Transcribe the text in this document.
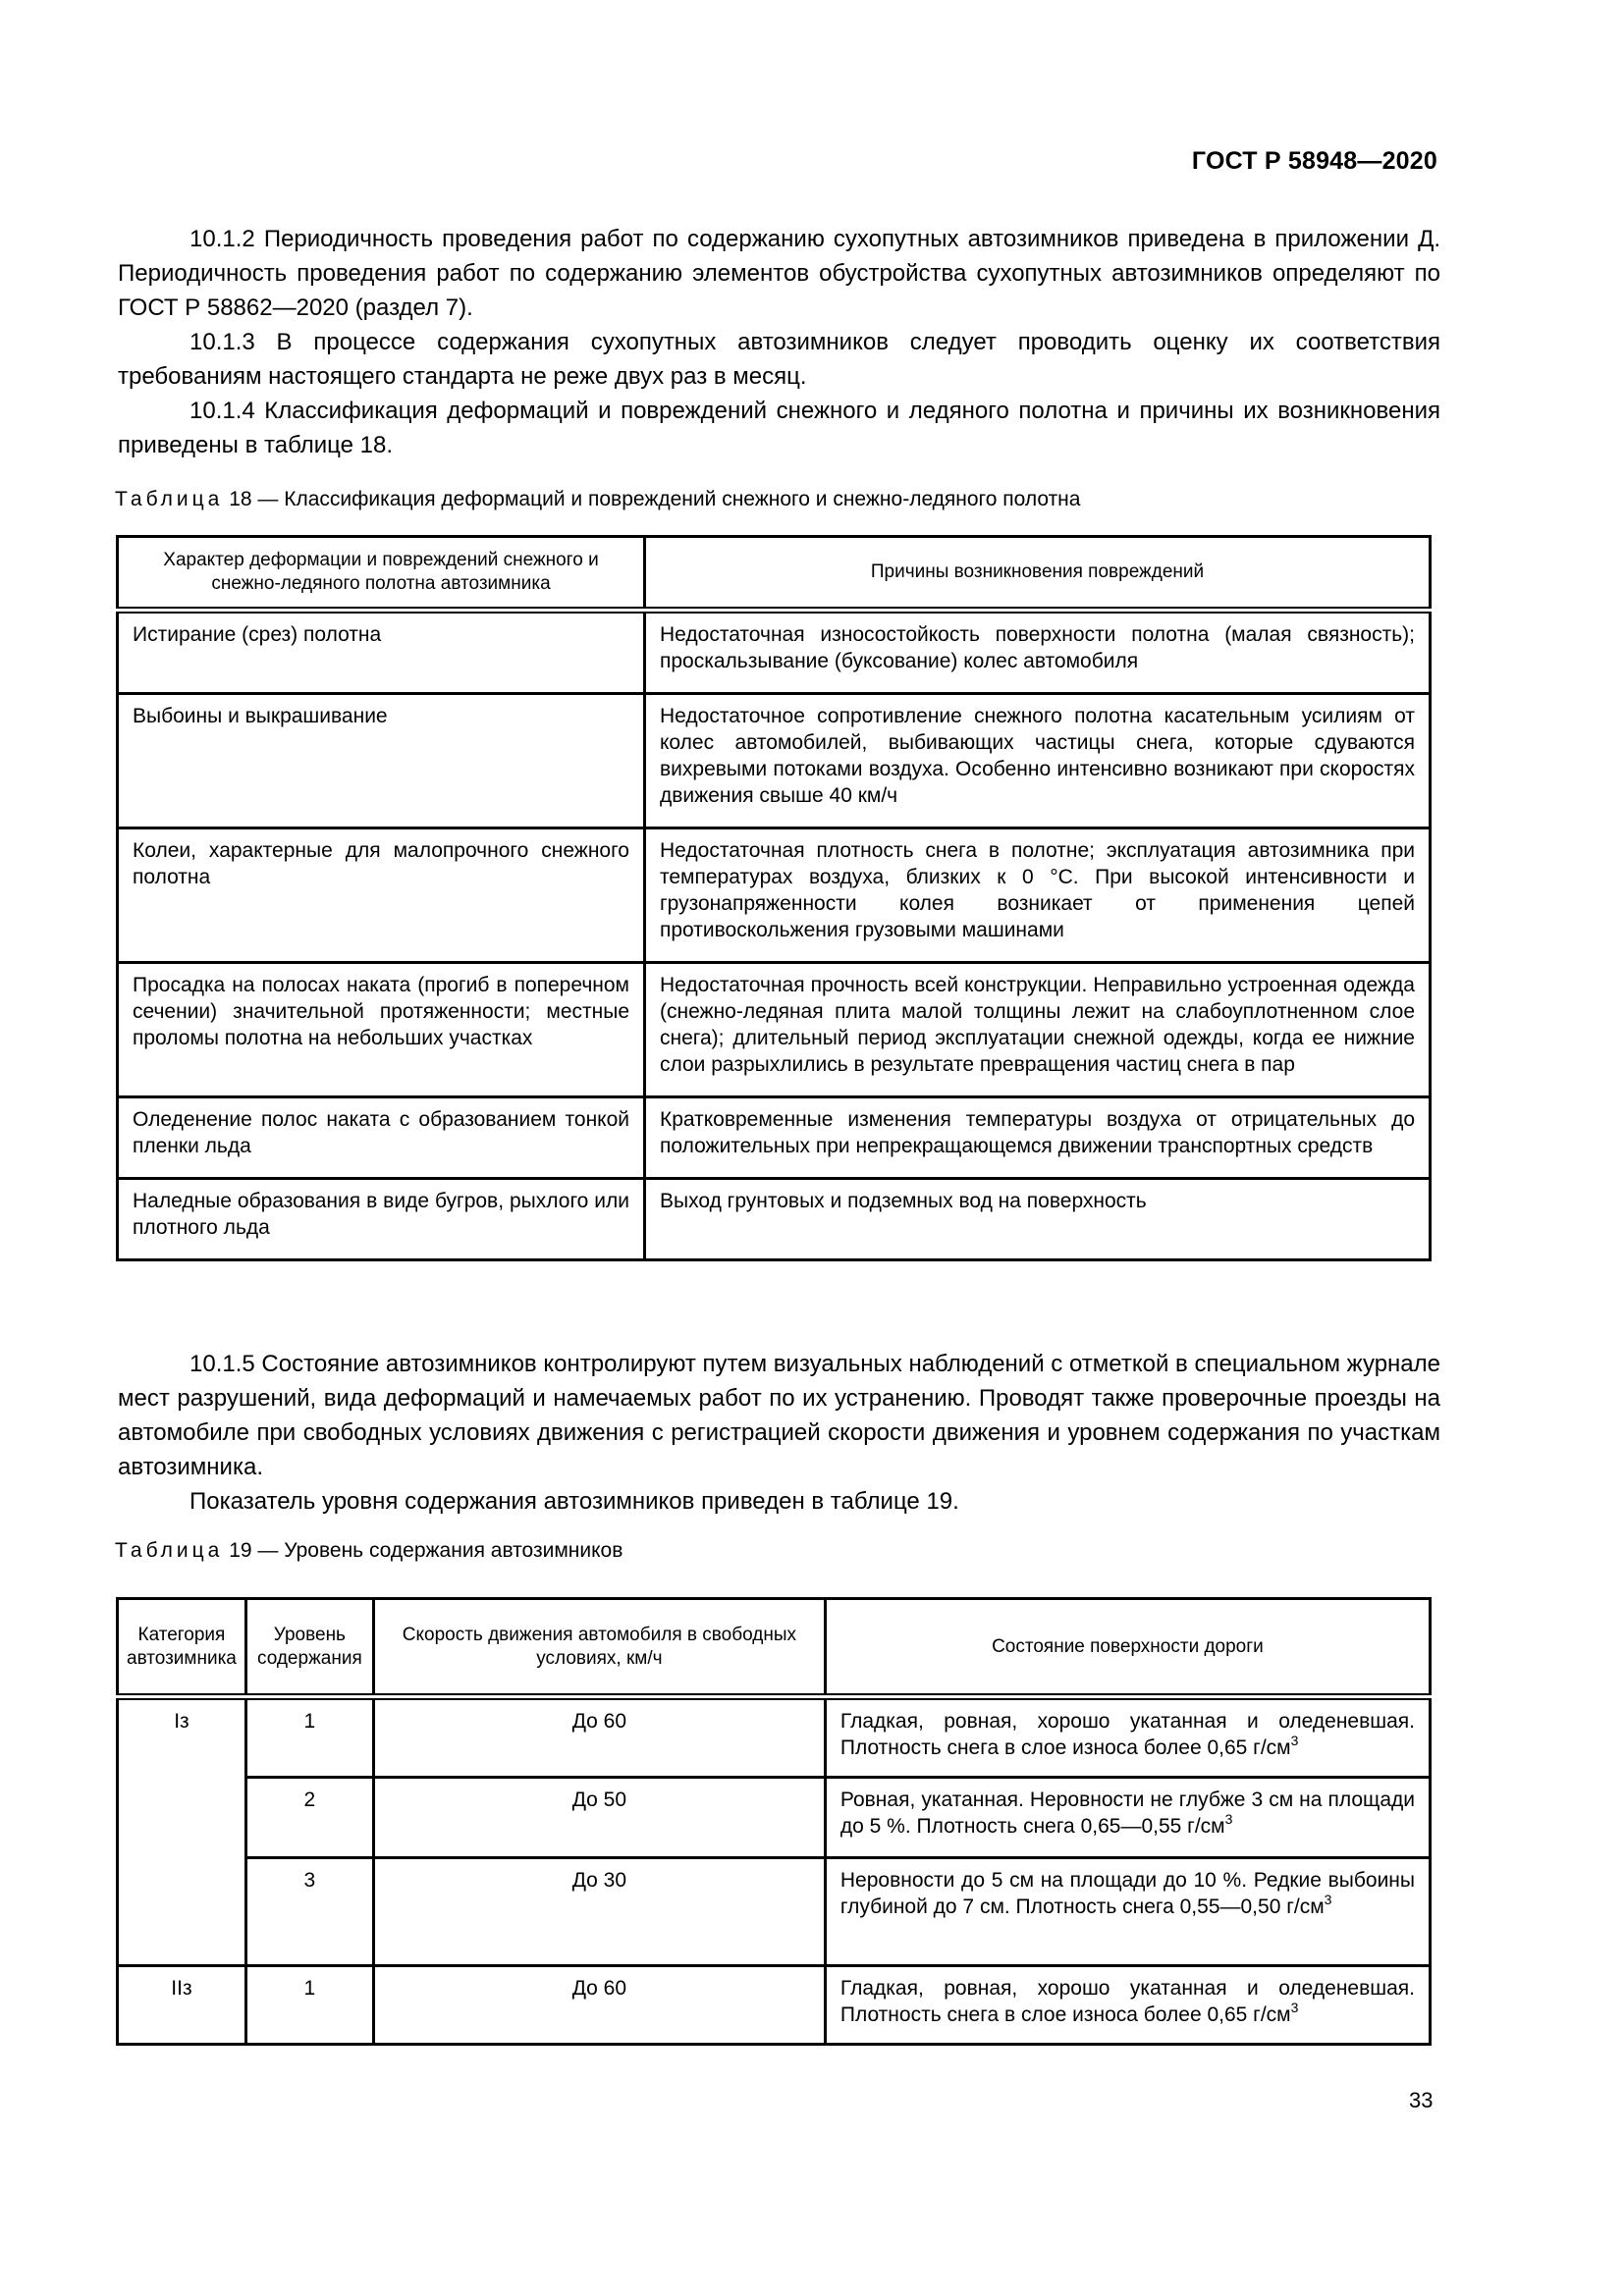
ГОСТ Р 58948—2020

10.1.2 Периодичность проведения работ по содержанию сухопутных автозимников приведена в приложении Д. Периодичность проведения работ по содержанию элементов обустройства сухопутных автозимников определяют по ГОСТ Р 58862—2020 (раздел 7).

10.1.3 В процессе содержания сухопутных автозимников следует проводить оценку их соответствия требованиям настоящего стандарта не реже двух раз в месяц.

10.1.4 Классификация деформаций и повреждений снежного и ледяного полотна и причины их возникновения приведены в таблице 18.

Таблица 18 — Классификация деформаций и повреждений снежного и снежно-ледяного полотна

Характер деформации и повреждений снежного и снежно-ледяного полотна автозимника	Причины возникновения повреждений

Истирание (срез) полотна	Недостаточная износостойкость поверхности полотна (малая связность); проскальзывание (буксование) колес автомобиля

Выбоины и выкрашивание	Недостаточное сопротивление снежного полотна касательным усилиям от колес автомобилей, выбивающих частицы снега, которые сдуваются вихревыми потоками воздуха. Особенно интенсивно возникают при скоростях движения свыше 40 км/ч

Колеи, характерные для малопрочного снежного полотна	Недостаточная плотность снега в полотне; эксплуатация автозимника при температурах воздуха, близких к 0 °С. При высокой интенсивности и грузонапряженности колея возникает от применения цепей противоскольжения грузовыми машинами

Просадка на полосах наката (прогиб в поперечном сечении) значительной протяженности; местные проломы полотна на небольших участках	Недостаточная прочность всей конструкции. Неправильно устроенная одежда (снежно-ледяная плита малой толщины лежит на слабоуплотненном слое снега); длительный период эксплуатации снежной одежды, когда ее нижние слои разрыхлились в результате превращения частиц снега в пар

Оледенение полос наката с образованием тонкой пленки льда	Кратковременные изменения температуры воздуха от отрицательных до положительных при непрекращающемся движении транспортных средств

Наледные образования в виде бугров, рыхлого или плотного льда	Выход грунтовых и подземных вод на поверхность

10.1.5 Состояние автозимников контролируют путем визуальных наблюдений с отметкой в специальном журнале мест разрушений, вида деформаций и намечаемых работ по их устранению. Проводят также проверочные проезды на автомобиле при свободных условиях движения с регистрацией скорости движения и уровнем содержания по участкам автозимника.

Показатель уровня содержания автозимников приведен в таблице 19.

Таблица 19 — Уровень содержания автозимников

Категория автозимника	Уровень содержания	Скорость движения автомобиля в свободных условиях, км/ч	Состояние поверхности дороги

Iз	1	До 60	Гладкая, ровная, хорошо укатанная и оледеневшая. Плотность снега в слое износа более 0,65 $г/см^3$

	2	До 50	Ровная, укатанная. Неровности не глубже 3 см на площади до 5 %. Плотность снега 0,65—0,55 $г/см^3$

	3	До 30	Неровности до 5 см на площади до 10 %. Редкие выбоины глубиной до 7 см. Плотность снега 0,55—0,50 $г/см^3$

IIз	1	До 60	Гладкая, ровная, хорошо укатанная и оледеневшая. Плотность снега в слое износа более 0,65 $г/см^3$
33
